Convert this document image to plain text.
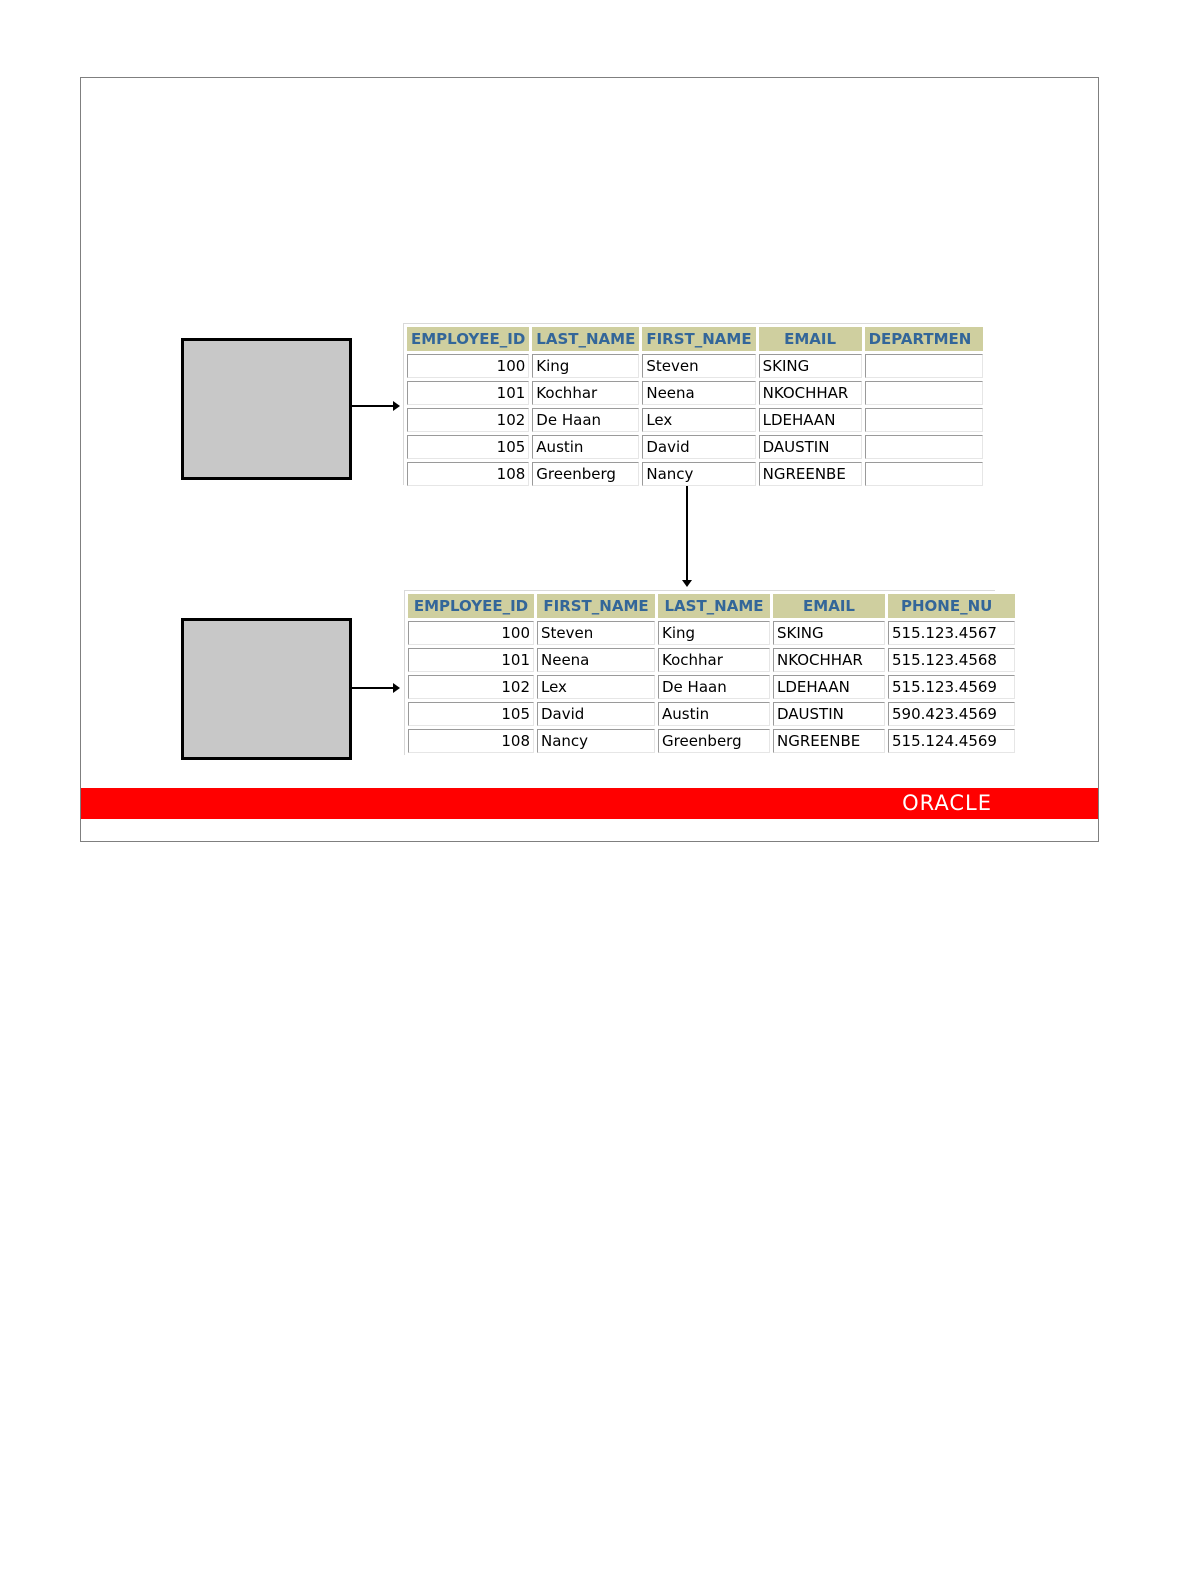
EMPLOYEE_ID	LAST_NAME	FIRST_NAME	EMAIL	DEPARTMEN
100	King	Steven	SKING	
101	Kochhar	Neena	NKOCHHAR	
102	De Haan	Lex	LDEHAAN	
105	Austin	David	DAUSTIN	
108	Greenberg	Nancy	NGREENBE	
EMPLOYEE_ID	FIRST_NAME	LAST_NAME	EMAIL	PHONE_NU
100	Steven	King	SKING	515.123.4567
101	Neena	Kochhar	NKOCHHAR	515.123.4568
102	Lex	De Haan	LDEHAAN	515.123.4569
105	David	Austin	DAUSTIN	590.423.4569
108	Nancy	Greenberg	NGREENBE	515.124.4569
ORACLE
